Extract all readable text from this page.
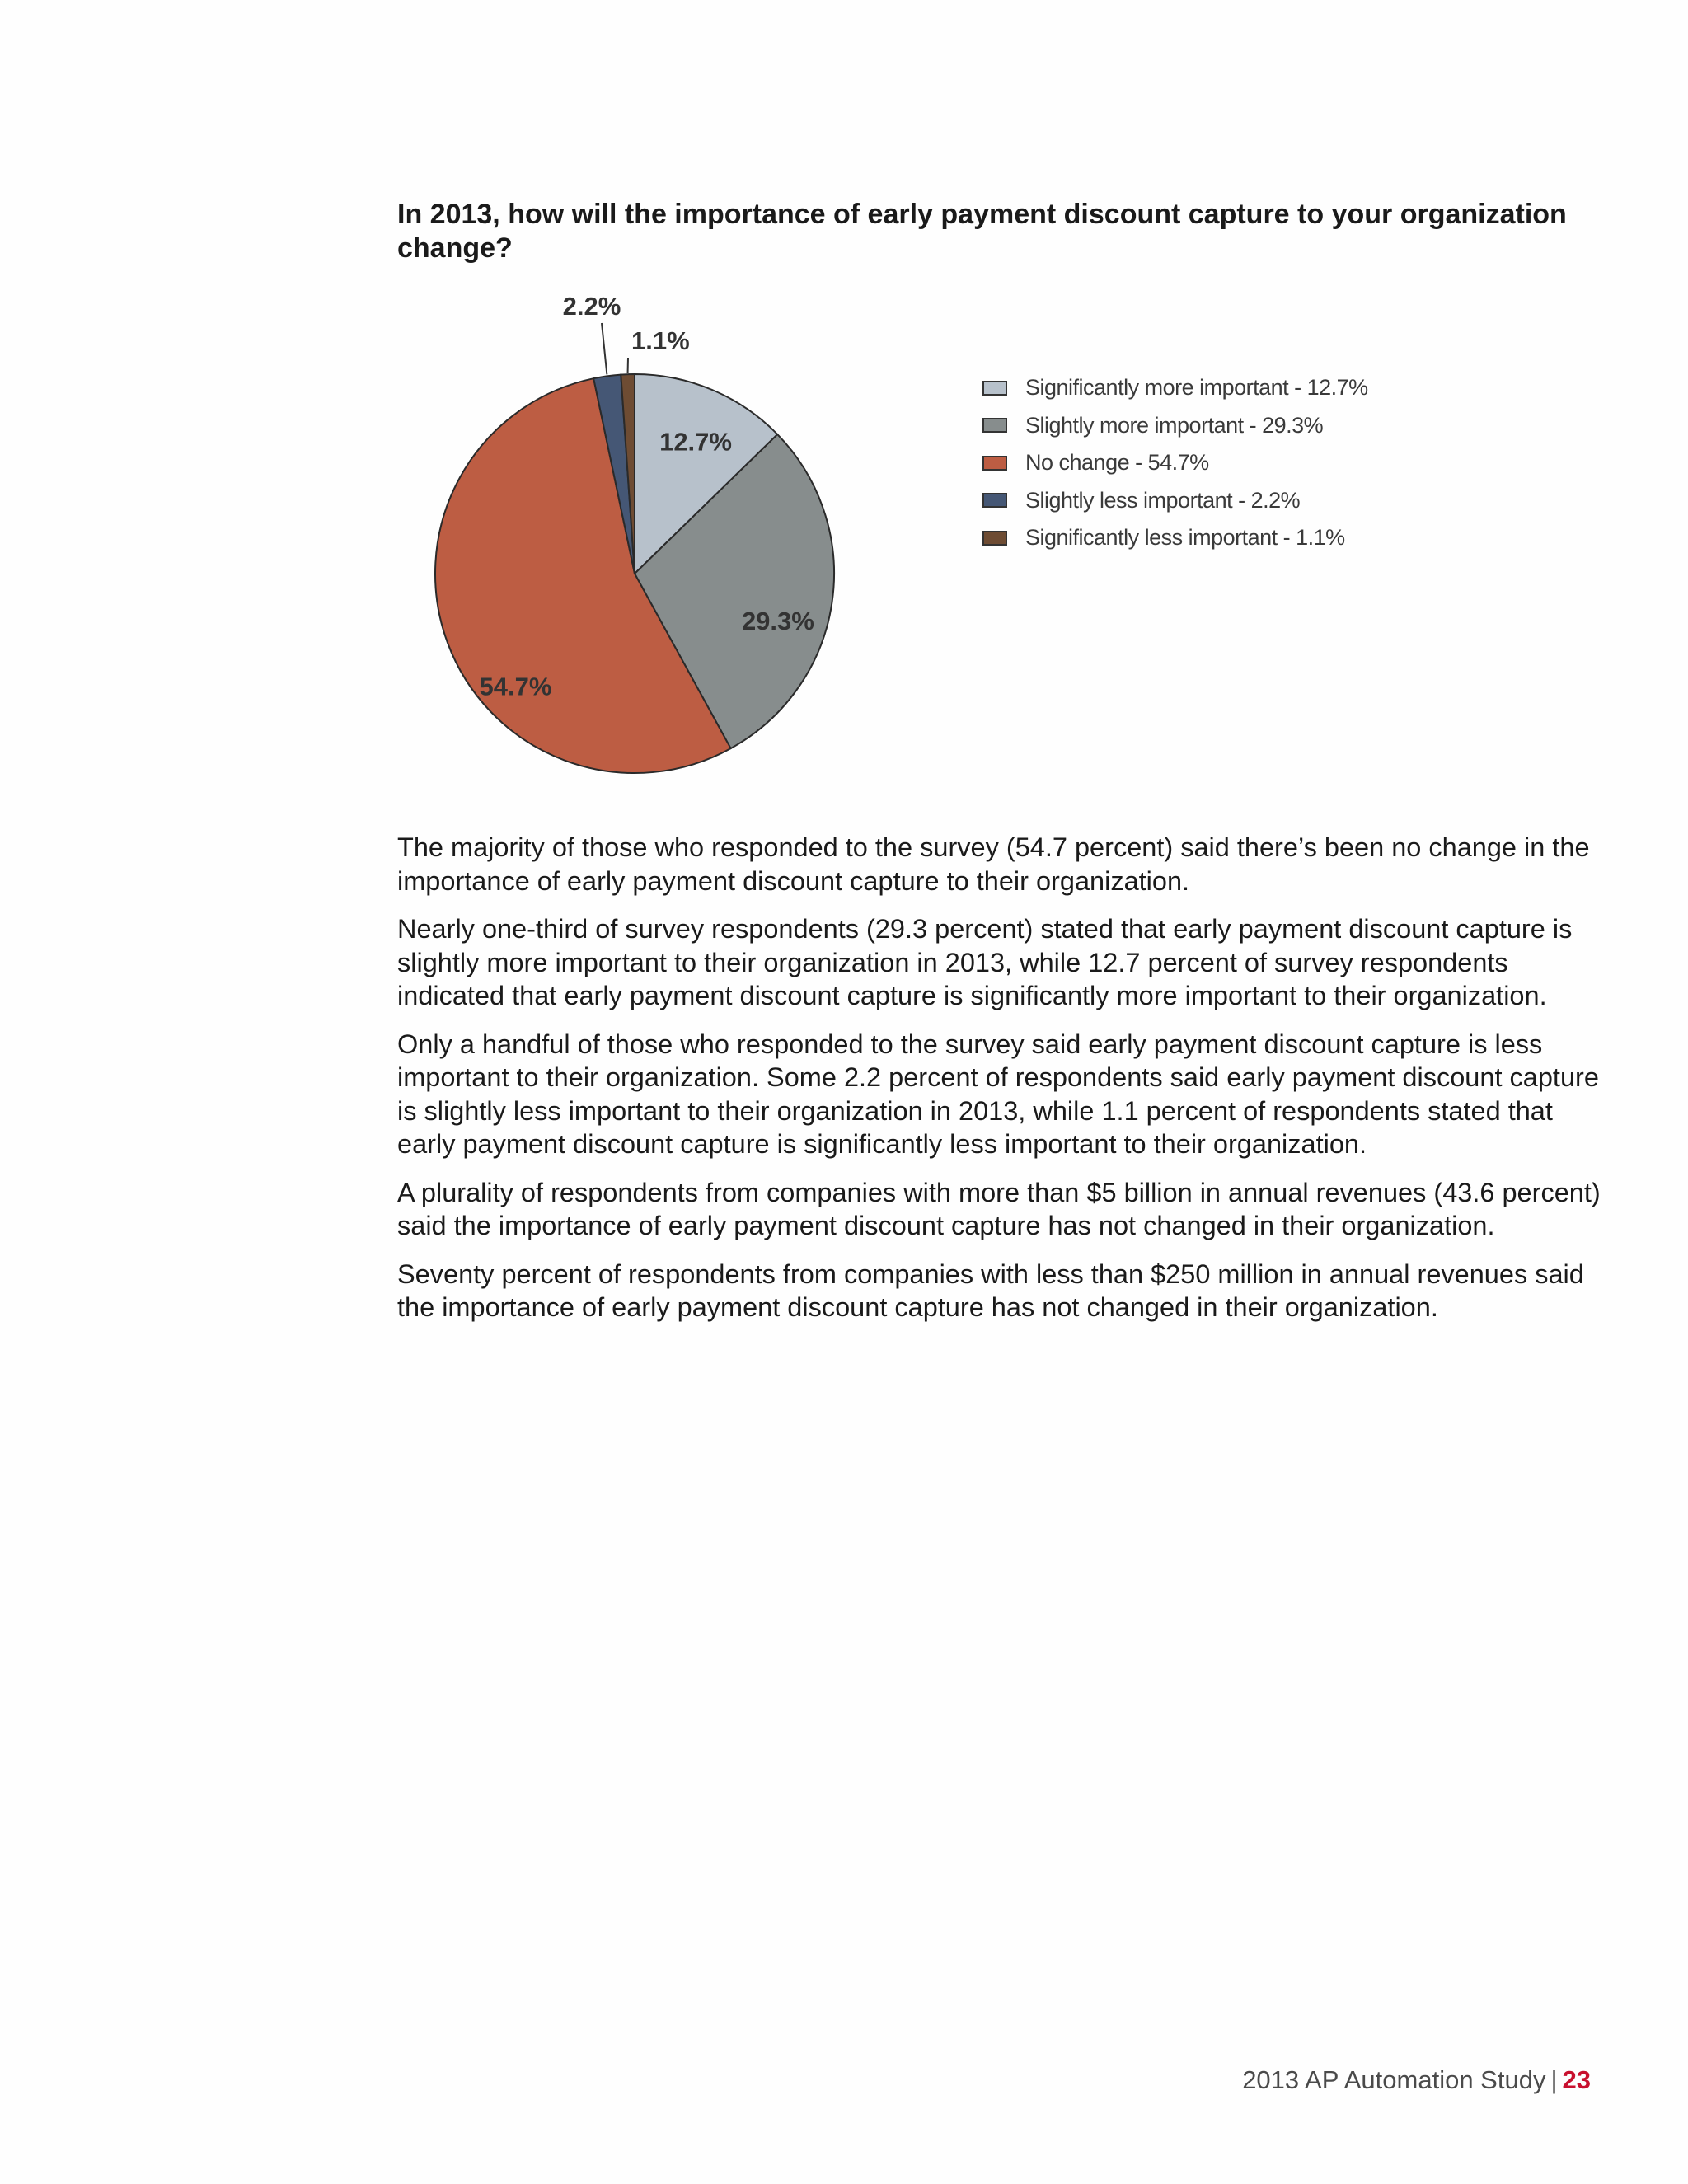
In 2013, how will the importance of early payment discount capture to your organization change?
12.7%
29.3%
54.7%
2.2%
1.1%
Significantly more important - 12.7%
Slightly more important - 29.3%
No change - 54.7%
Slightly less important - 2.2%
Significantly less important - 1.1%

The majority of those who responded to the survey (54.7 percent) said there’s been no change in the importance of early payment discount capture to their organization.

Nearly one-third of survey respondents (29.3 percent) stated that early payment discount capture is slightly more important to their organization in 2013, while 12.7 percent of survey respondents indicated that early payment discount capture is significantly more important to their organization.

Only a handful of those who responded to the survey said early payment discount capture is less important to their organization. Some 2.2 percent of respondents said early payment discount capture is slightly less important to their organization in 2013, while 1.1 percent of respondents stated that early payment discount capture is significantly less important to their organization.

A plurality of respondents from companies with more than $5 billion in annual revenues (43.6 percent) said the importance of early payment discount capture has not changed in their organization.

Seventy percent of respondents from companies with less than $250 million in annual revenues said the importance of early payment discount capture has not changed in their organization.

2013 AP Automation Study | 23
